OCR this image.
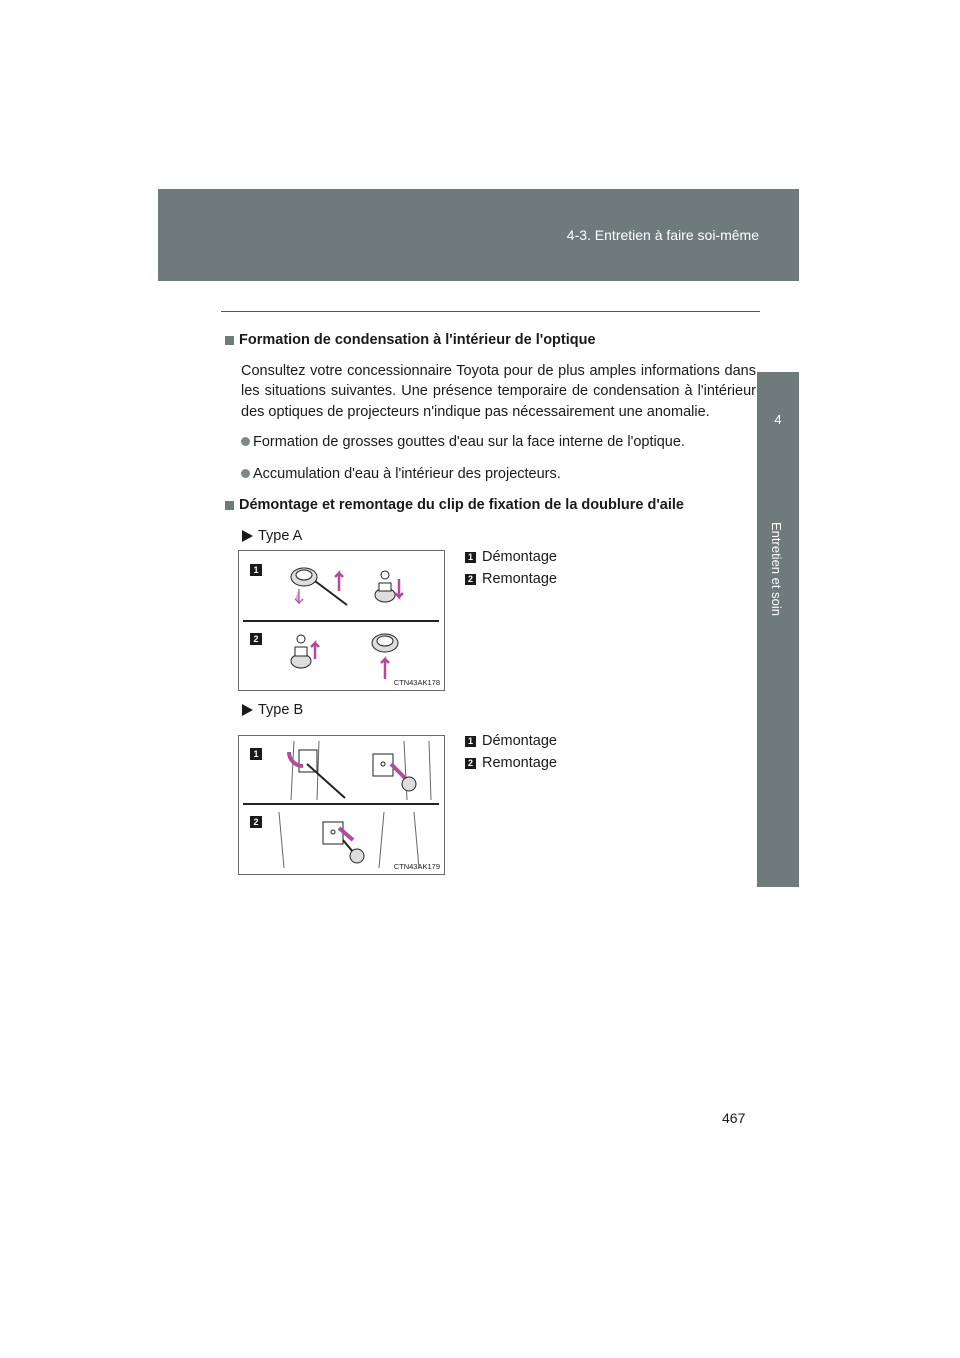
4-3. Entretien à faire soi-même
4
Entretien et soin
Formation de condensation à l'intérieur de l'optique
Consultez votre concessionnaire Toyota pour de plus amples informations dans les situations suivantes. Une présence temporaire de condensation à l'intérieur des optiques de projecteurs n'indique pas nécessairement une anomalie.
Formation de grosses gouttes d'eau sur la face interne de l'optique.
Accumulation d'eau à l'intérieur des projecteurs.
Démontage et remontage du clip de fixation de la doublure d'aile
Type A
1
2
CTN43AK178
1 Démontage
2 Remontage
Type B
1
2
CTN43AK179
1 Démontage
2 Remontage
467
